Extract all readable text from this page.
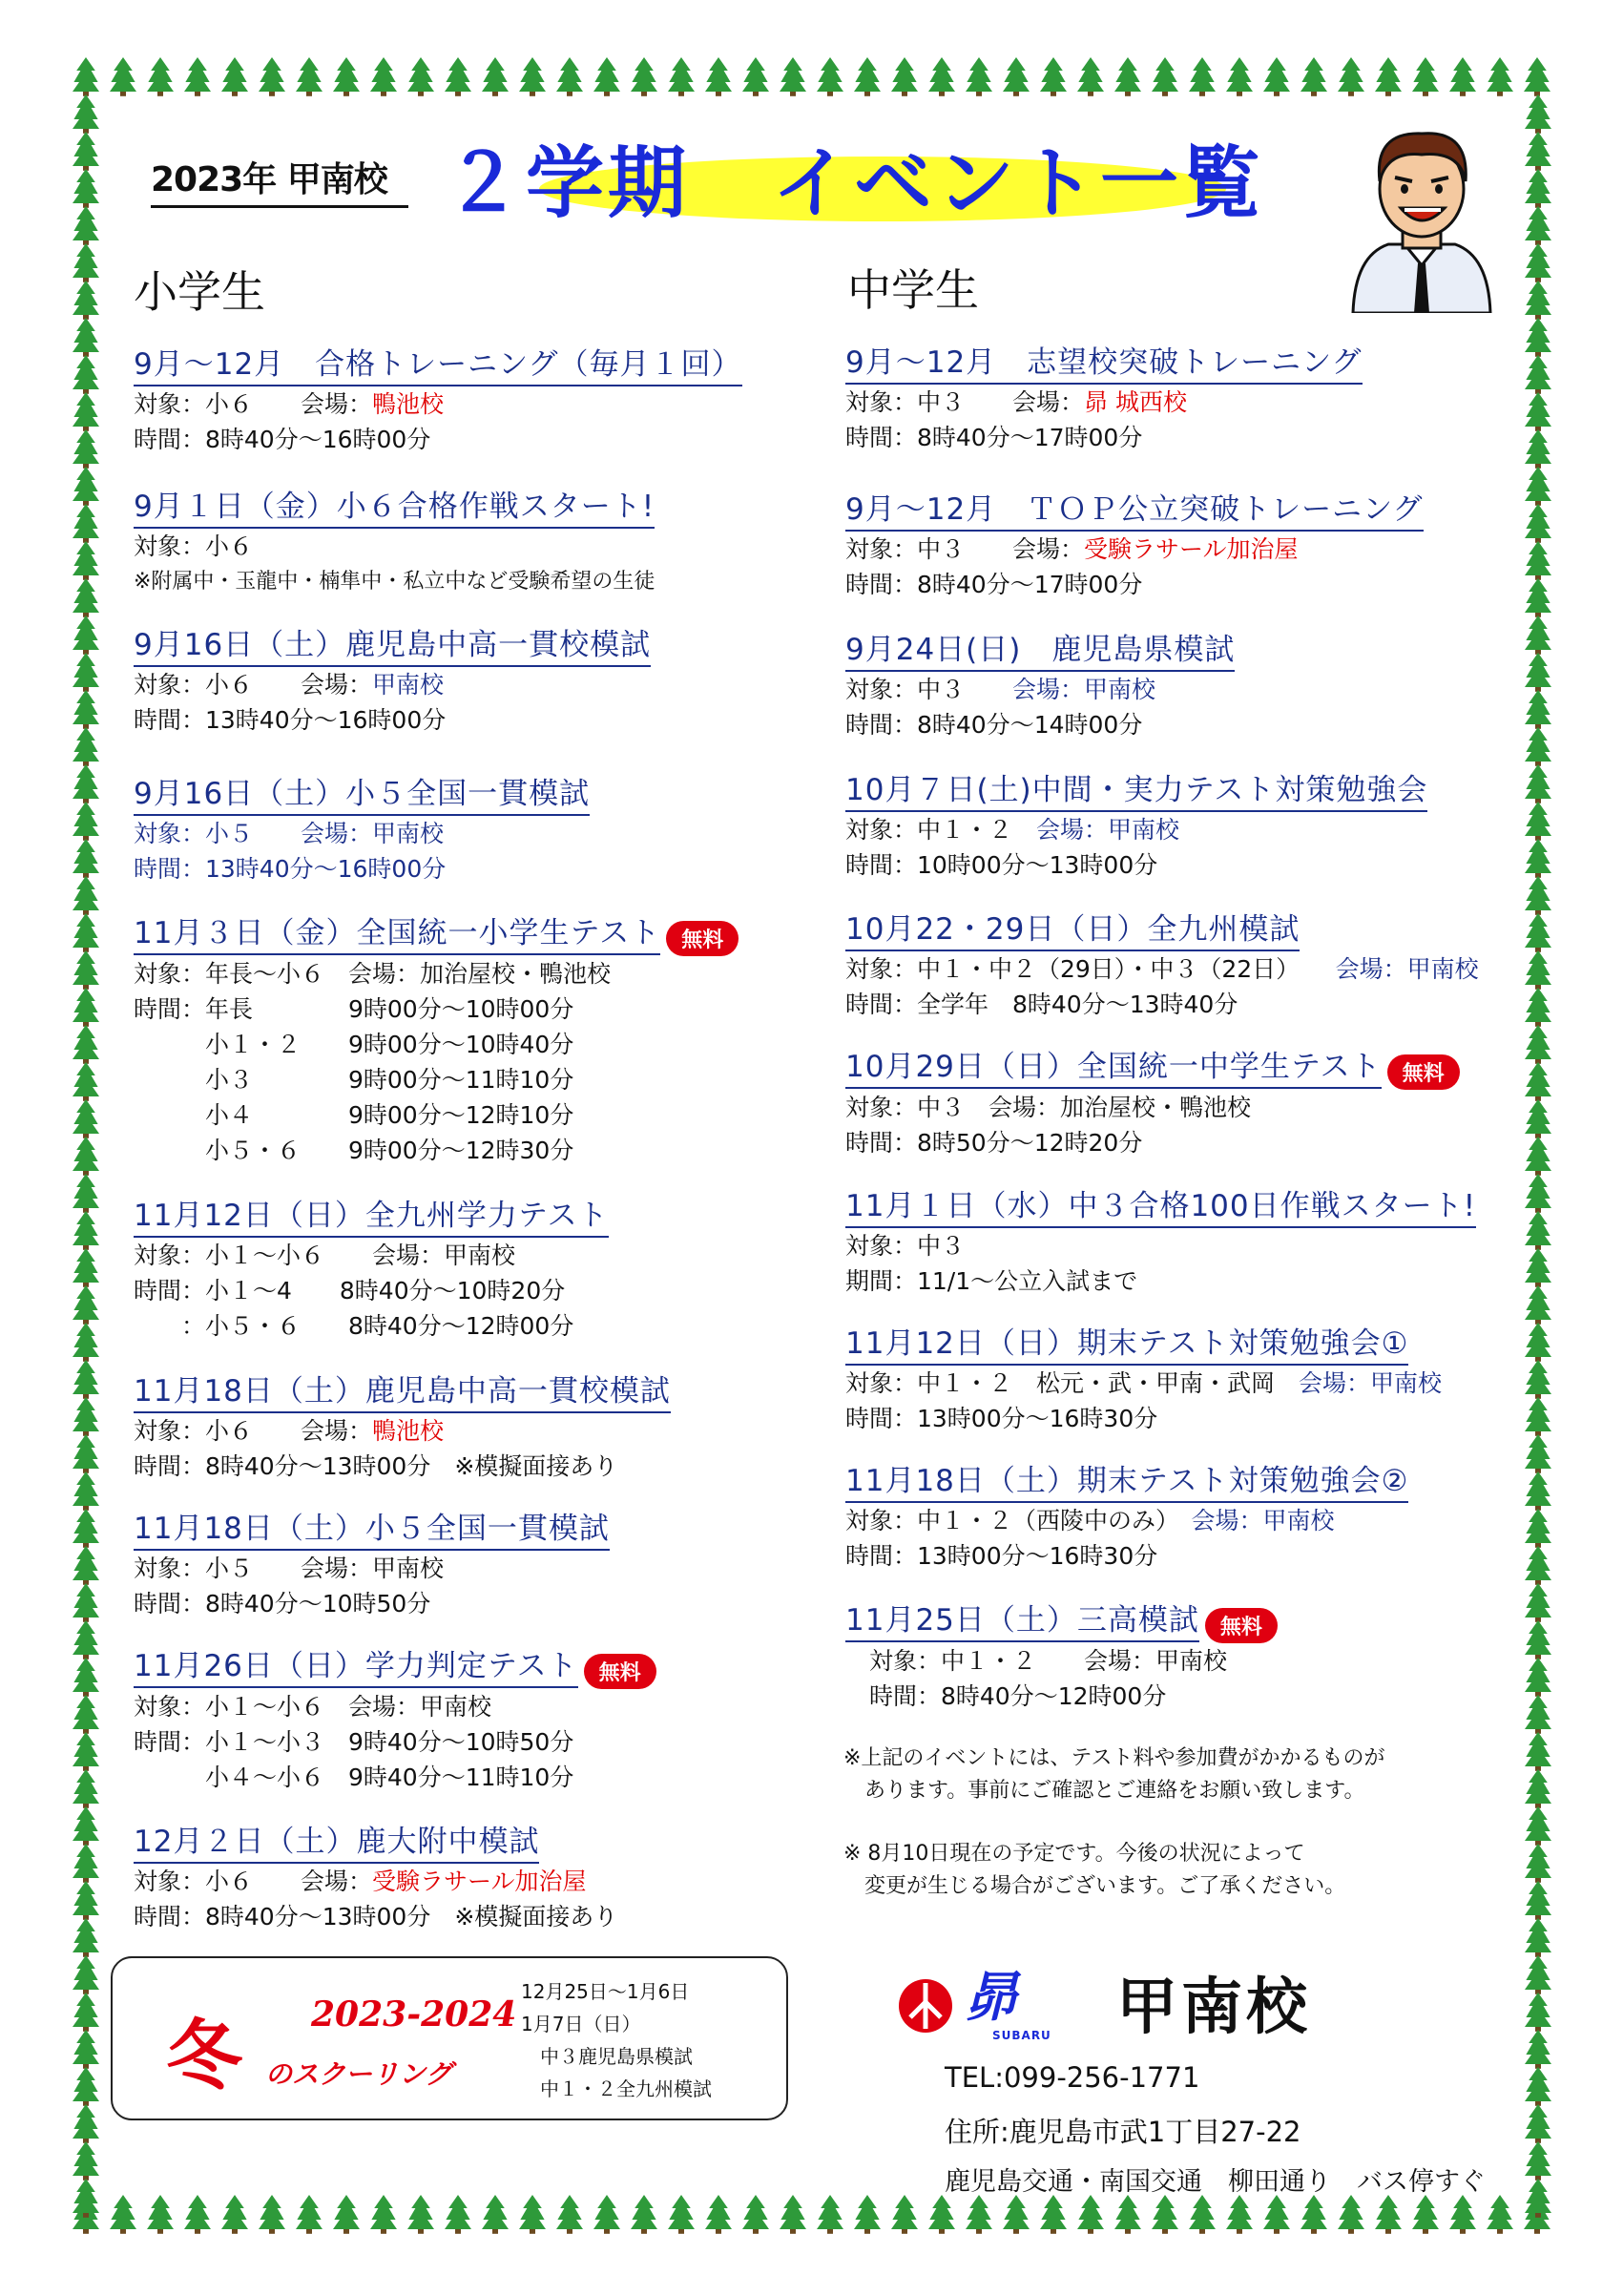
2023年 甲南校 ２学期　イベント一覧
小学生	中学生
9月～12月　合格トレーニング（毎月１回）
対象：小６　　会場：鴨池校
時間：8時40分～16時00分
9月１日（金）小６合格作戦スタート!
対象：小６
※附属中・玉龍中・楠隼中・私立中など受験希望の生徒
9月16日（土）鹿児島中高一貫校模試
対象：小６　　会場：甲南校
時間：13時40分～16時00分
9月16日（土）小５全国一貫模試
対象：小５　　会場：甲南校
時間：13時40分～16時00分
11月３日（金）全国統一小学生テスト 無料
対象：年長～小６　会場：加治屋校・鴨池校
時間：年長　　　　9時00分～10時00分
　　　小１・２　　9時00分～10時40分
　　　小３　　　　9時00分～11時10分
　　　小４　　　　9時00分～12時10分
　　　小５・６　　9時00分～12時30分
11月12日（日）全九州学力テスト
対象：小１～小６　　会場：甲南校
時間：小１～4　　8時40分～10時20分
　　：小５・６　　8時40分～12時00分
11月18日（土）鹿児島中高一貫校模試
対象：小６　　会場：鴨池校
時間：8時40分～13時00分　※模擬面接あり
11月18日（土）小５全国一貫模試
対象：小５　　会場：甲南校
時間：8時40分～10時50分
11月26日（日）学力判定テスト 無料
対象：小１～小６　会場：甲南校
時間：小１～小３　9時40分～10時50分
　　　小４～小６　9時40分～11時10分
12月２日（土）鹿大附中模試
対象：小６　　会場：受験ラサール加治屋
時間：8時40分～13時00分　※模擬面接あり
9月～12月　志望校突破トレーニング
対象：中３　　会場：昴 城西校
時間：8時40分～17時00分
9月～12月　ＴＯＰ公立突破トレーニング
対象：中３　　会場：受験ラサール加治屋
時間：8時40分～17時00分
9月24日(日)　鹿児島県模試
対象：中３　　会場：甲南校
時間：8時40分～14時00分
10月７日(土)中間・実力テスト対策勉強会
対象：中１・２　会場：甲南校
時間：10時00分～13時00分
10月22・29日（日）全九州模試
対象：中１・中２（29日）・中３（22日）　　会場：甲南校
時間：全学年　8時40分～13時40分
10月29日（日）全国統一中学生テスト 無料
対象：中３　会場：加治屋校・鴨池校
時間：8時50分～12時20分
11月１日（水）中３合格100日作戦スタート!
対象：中３
期間：11/1～公立入試まで
11月12日（日）期末テスト対策勉強会①
対象：中１・２　松元・武・甲南・武岡　会場：甲南校
時間：13時00分～16時30分
11月18日（土）期末テスト対策勉強会②
対象：中１・２（西陵中のみ）　会場：甲南校
時間：13時00分～16時30分
11月25日（土）三高模試 無料
　対象：中１・２　　会場：甲南校
　時間：8時40分～12時00分
※上記のイベントには、テスト料や参加費がかかるものが
　あります。事前にご確認とご連絡をお願い致します。
※ 8月10日現在の予定です。今後の状況によって
　変更が生じる場合がございます。ご了承ください。
冬 2023-2024
のスクーリング
12月25日～1月6日
1月7日（日）
　中３鹿児島県模試
　中１・２全九州模試
昴
SUBARU 甲南校
TEL:099-256-1771
住所:鹿児島市武1丁目27-22
鹿児島交通・南国交通　柳田通り　バス停すぐ
